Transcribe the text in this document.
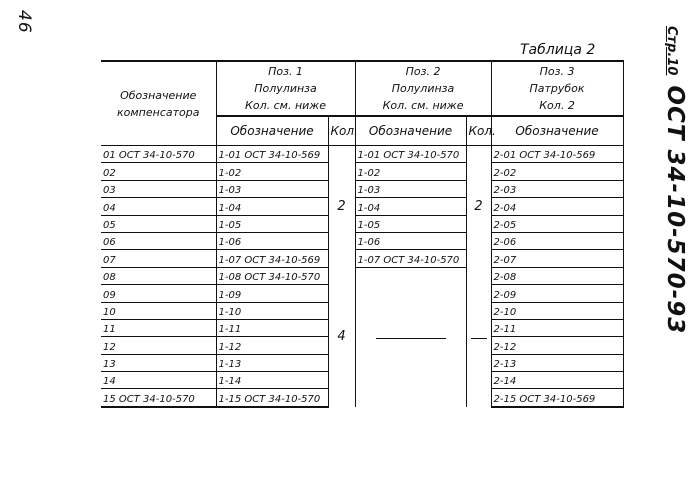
46
Стр.10
ОСТ 34-10-570-93
Таблица 2
Обозначение
компенсатора	Поз. 1
Полулинза
Кол. см. ниже		Поз. 2
Полулинза
Кол. см. ниже		Поз. 3
Патрубок
Кол. 2

	Обозначение	Кол.	Обозначение	Кол.	Обозначение
01 ОСТ 34-10-570	1-01 ОСТ 34-10-569	2	1-01 ОСТ 34-10-570	2	2-01 ОСТ 34-10-569
02	1-02		1-02		2-02
03	1-03		1-03		2-03
04	1-04		1-04		2-04
05	1-05		1-05		2-05
06	1-06		1-06		2-06
07	1-07 ОСТ 34-10-569		1-07 ОСТ 34-10-570		2-07
08	1-08 ОСТ 34-10-570	4			2-08
09	1-09				2-09
10	1-10				2-10
11	1-11				2-11
12	1-12				2-12
13	1-13				2-13
14	1-14				2-14
15 ОСТ 34-10-570	1-15 ОСТ 34-10-570				2-15 ОСТ 34-10-569
